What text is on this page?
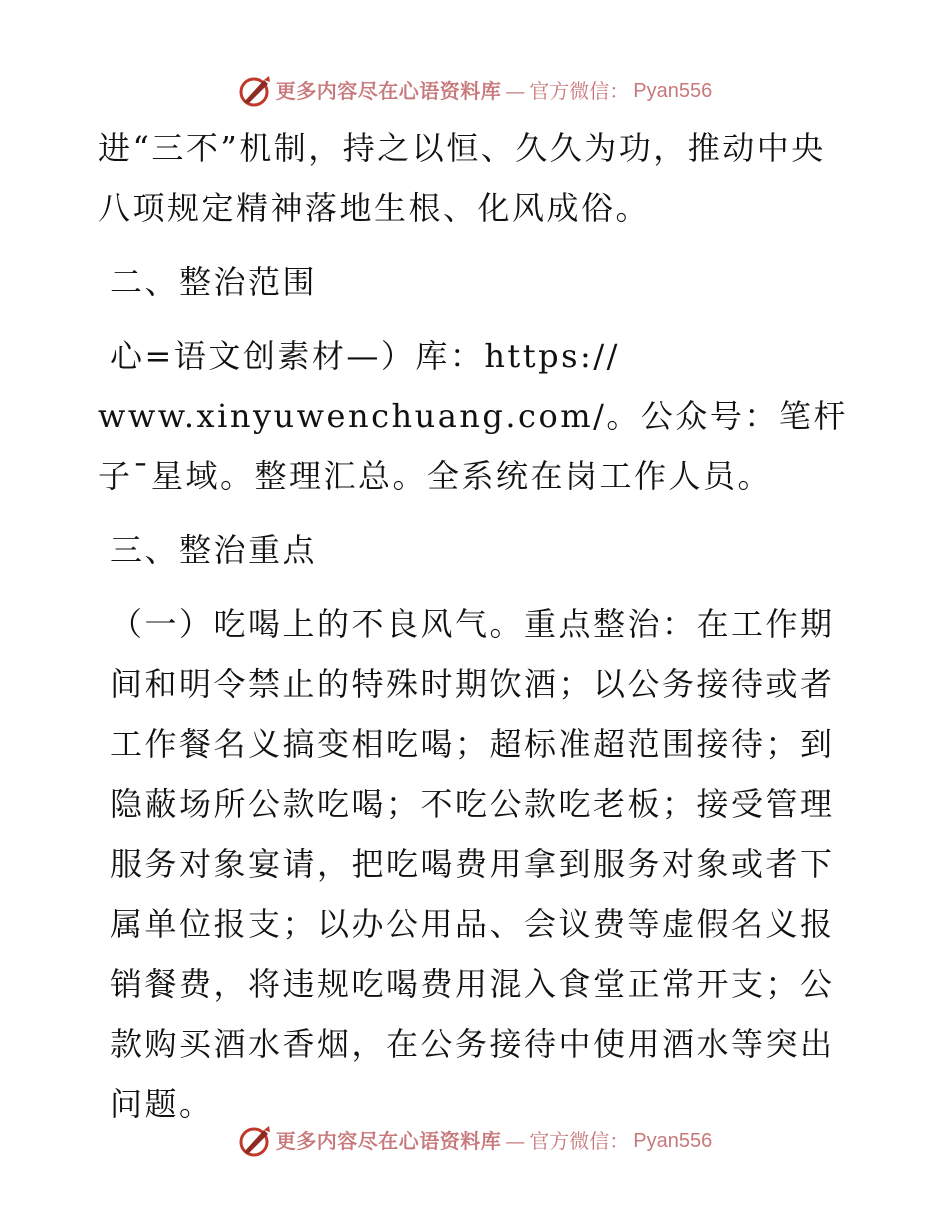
更多内容尽在心语资料库 — 官方微信： Pyan556

进“三不”机制，持之以恒、久久为功，推动中央八项规定精神落地生根、化风成俗。

二、整治范围

心=语文创素材—）库：https://

www.xinyuwenchuang.com/。公众号：笔杆子¯星域。整理汇总。全系统在岗工作人员。

三、整治重点

（一）吃喝上的不良风气。重点整治：在工作期间和明令禁止的特殊时期饮酒；以公务接待或者工作餐名义搞变相吃喝；超标准超范围接待；到隐蔽场所公款吃喝；不吃公款吃老板；接受管理服务对象宴请，把吃喝费用拿到服务对象或者下属单位报支；以办公用品、会议费等虚假名义报销餐费，将违规吃喝费用混入食堂正常开支；公款购买酒水香烟，在公务接待中使用酒水等突出问题。

更多内容尽在心语资料库 — 官方微信： Pyan556
